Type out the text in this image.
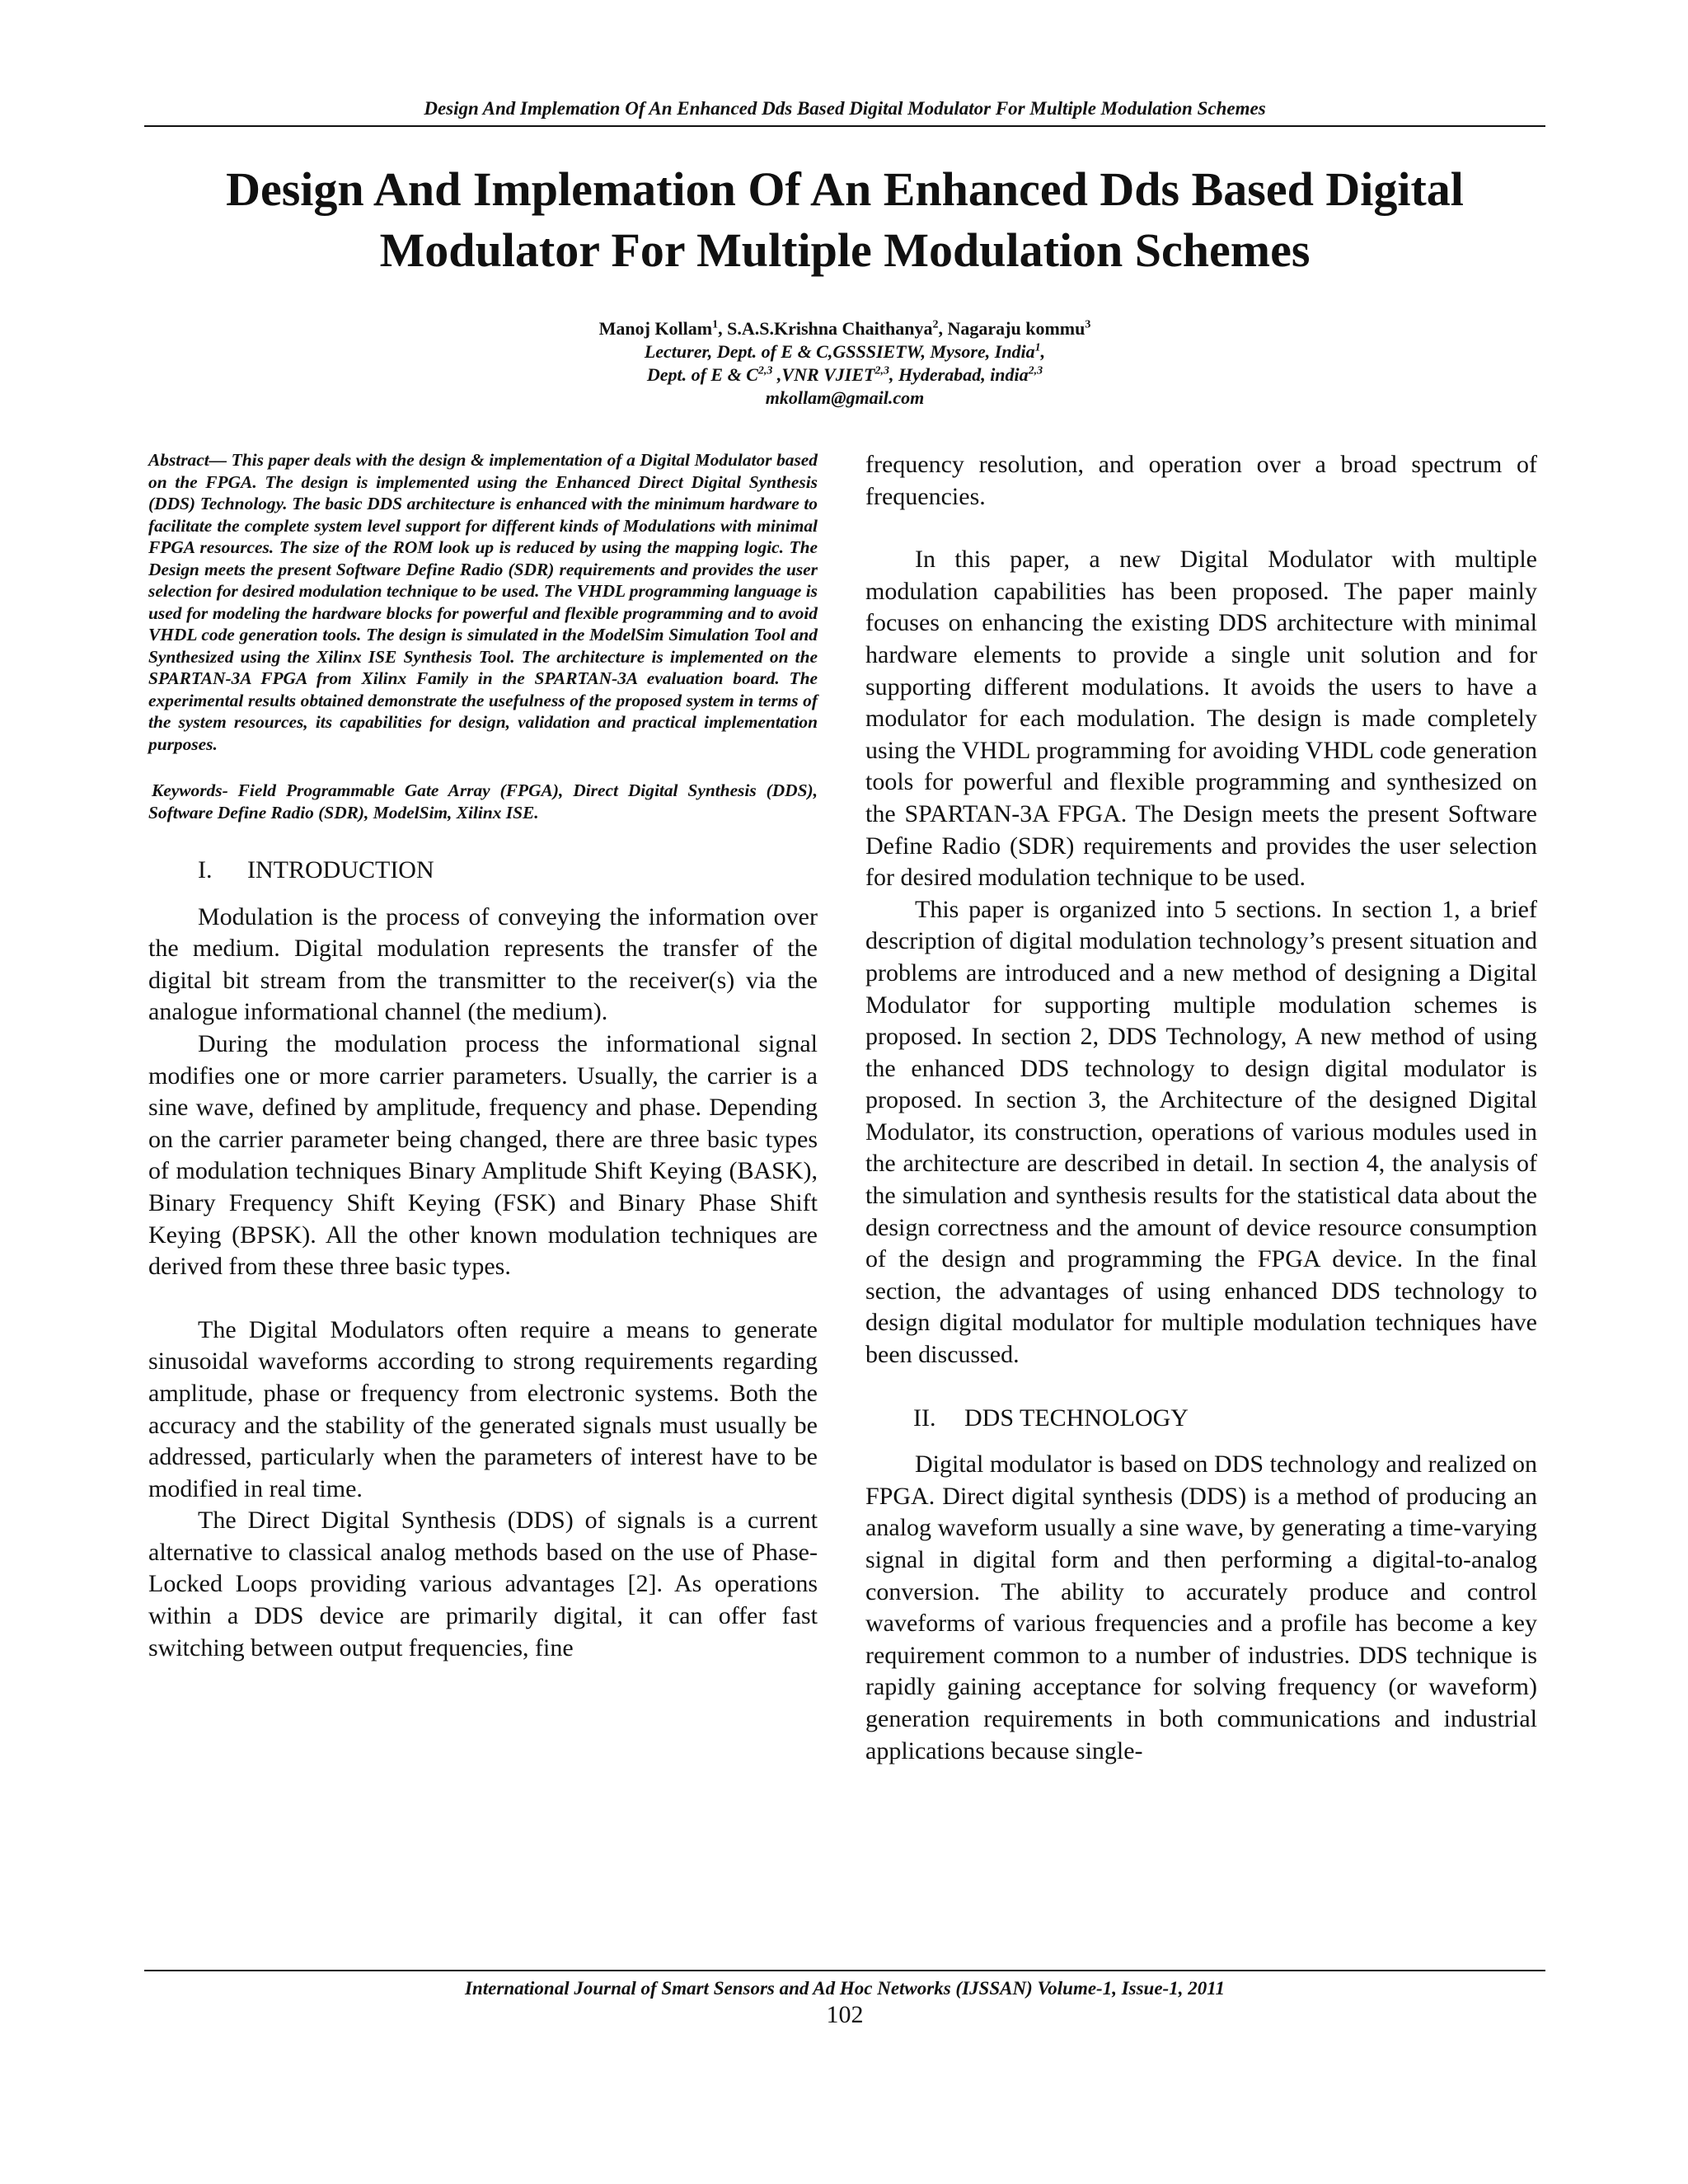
Design And Implemation Of An Enhanced Dds Based Digital Modulator For Multiple Modulation Schemes
Design And Implemation Of An Enhanced Dds Based Digital
Modulator For Multiple Modulation Schemes
Manoj Kollam$^1$, S.A.S.Krishna Chaithanya$^2$, Nagaraju kommu$^3$
Lecturer, Dept. of E & C,GSSSIETW, Mysore, India$^1$,
Dept. of E & C$^{2,3}$ ,VNR VJIET$^{2,3}$, Hyderabad, india$^{2,3}$
mkollam@gmail.com

Abstract— This paper deals with the design & implementation of a Digital Modulator based on the FPGA. The design is implemented using the Enhanced Direct Digital Synthesis (DDS) Technology. The basic DDS architecture is enhanced with the minimum hardware to facilitate the complete system level support for different kinds of Modulations with minimal FPGA resources. The size of the ROM look up is reduced by using the mapping logic. The Design meets the present Software Define Radio (SDR) requirements and provides the user selection for desired modulation technique to be used. The VHDL programming language is used for modeling the hardware blocks for powerful and flexible programming and to avoid VHDL code generation tools. The design is simulated in the ModelSim Simulation Tool and Synthesized using the Xilinx ISE Synthesis Tool. The architecture is implemented on the SPARTAN-3A FPGA from Xilinx Family in the SPARTAN-3A evaluation board. The experimental results obtained demonstrate the usefulness of the proposed system in terms of the system resources, its capabilities for design, validation and practical implementation purposes.

Keywords- Field Programmable Gate Array (FPGA), Direct Digital Synthesis (DDS), Software Define Radio (SDR), ModelSim, Xilinx ISE.

I.	INTRODUCTION

Modulation is the process of conveying the information over the medium. Digital modulation represents the transfer of the digital bit stream from the transmitter to the receiver(s) via the analogue informational channel (the medium).

During the modulation process the informational signal modifies one or more carrier parameters. Usually, the carrier is a sine wave, defined by amplitude, frequency and phase. Depending on the carrier parameter being changed, there are three basic types of modulation techniques Binary Amplitude Shift Keying (BASK), Binary Frequency Shift Keying (FSK) and Binary Phase Shift Keying (BPSK). All the other known modulation techniques are derived from these three basic types.

The Digital Modulators often require a means to generate sinusoidal waveforms according to strong requirements regarding amplitude, phase or frequency from electronic systems. Both the accuracy and the stability of the generated signals must usually be addressed, particularly when the parameters of interest have to be modified in real time.

The Direct Digital Synthesis (DDS) of signals is a current alternative to classical analog methods based on the use of Phase-Locked Loops providing various advantages [2]. As operations within a DDS device are primarily digital, it can offer fast switching between output frequencies, fine

frequency resolution, and operation over a broad spectrum of frequencies.

In this paper, a new Digital Modulator with multiple modulation capabilities has been proposed. The paper mainly focuses on enhancing the existing DDS architecture with minimal hardware elements to provide a single unit solution and for supporting different modulations. It avoids the users to have a modulator for each modulation. The design is made completely using the VHDL programming for avoiding VHDL code generation tools for powerful and flexible programming and synthesized on the SPARTAN-3A FPGA. The Design meets the present Software Define Radio (SDR) requirements and provides the user selection for desired modulation technique to be used.

This paper is organized into 5 sections. In section 1, a brief description of digital modulation technology’s present situation and problems are introduced and a new method of designing a Digital Modulator for supporting multiple modulation schemes is proposed. In section 2, DDS Technology, A new method of using the enhanced DDS technology to design digital modulator is proposed. In section 3, the Architecture of the designed Digital Modulator, its construction, operations of various modules used in the architecture are described in detail. In section 4, the analysis of the simulation and synthesis results for the statistical data about the design correctness and the amount of device resource consumption of the design and programming the FPGA device. In the final section, the advantages of using enhanced DDS technology to design digital modulator for multiple modulation techniques have been discussed.

II.	DDS TECHNOLOGY

Digital modulator is based on DDS technology and realized on FPGA. Direct digital synthesis (DDS) is a method of producing an analog waveform usually a sine wave, by generating a time-varying signal in digital form and then performing a digital-to-analog conversion. The ability to accurately produce and control waveforms of various frequencies and a profile has become a key requirement common to a number of industries. DDS technique is rapidly gaining acceptance for solving frequency (or waveform) generation requirements in both communications and industrial applications because single-

International Journal of Smart Sensors and Ad Hoc Networks (IJSSAN) Volume-1, Issue-1, 2011
102
